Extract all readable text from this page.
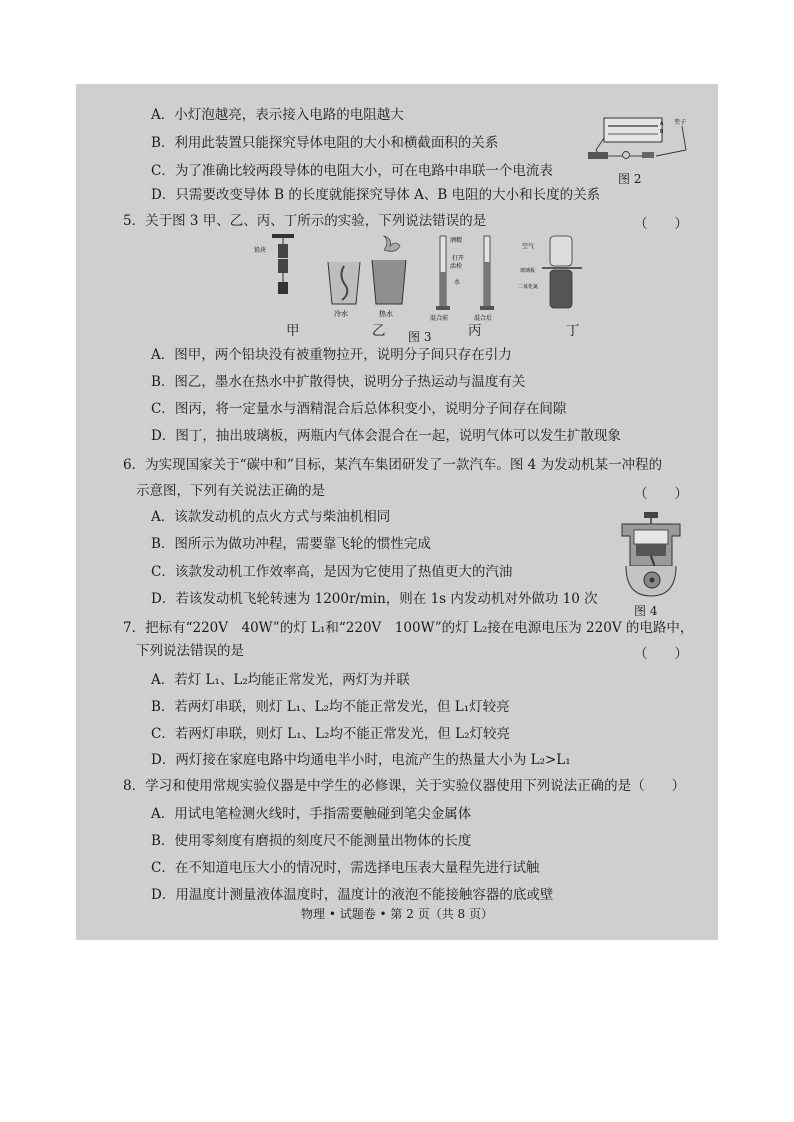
A．小灯泡越亮，表示接入电路的电阻越大
B．利用此装置只能探究导体电阻的大小和横截面积的关系
C．为了准确比较两段导体的电阻大小，可在电路中串联一个电流表
D．只需要改变导体 B 的长度就能探究导体 A、B 电阻的大小和长度的关系
A
B
夹子
图 2
5．关于图 3 甲、乙、丙、丁所示的实验，下列说法错误的是	（　　）
铅块
冷水	热水
酒精
打开
活栓
水
混合前	混合后
空气
玻璃板
二氧化氮
甲	乙 图 3	丙	丁
A．图甲，两个铅块没有被重物拉开，说明分子间只存在引力
B．图乙，墨水在热水中扩散得快，说明分子热运动与温度有关
C．图丙，将一定量水与酒精混合后总体积变小，说明分子间存在间隙
D．图丁，抽出玻璃板，两瓶内气体会混合在一起，说明气体可以发生扩散现象
6．为实现国家关于“碳中和”目标，某汽车集团研发了一款汽车。图 4 为发动机某一冲程的
示意图，下列有关说法正确的是	（　　）
A．该款发动机的点火方式与柴油机相同
B．图所示为做功冲程，需要靠飞轮的惯性完成
C．该款发动机工作效率高，是因为它使用了热值更大的汽油
D．若该发动机飞轮转速为 1200r/min，则在 1s 内发动机对外做功 10 次
图 4
7．把标有“220V　40W”的灯 L₁和“220V　100W”的灯 L₂接在电源电压为 220V 的电路中，
下列说法错误的是	（　　）
A．若灯 L₁、L₂均能正常发光，两灯为并联
B．若两灯串联，则灯 L₁、L₂均不能正常发光，但 L₁灯较亮
C．若两灯串联，则灯 L₁、L₂均不能正常发光，但 L₂灯较亮
D．两灯接在家庭电路中均通电半小时，电流产生的热量大小为 L₂>L₁
8．学习和使用常规实验仪器是中学生的必修课，关于实验仪器使用下列说法正确的是（　　）
A．用试电笔检测火线时，手指需要触碰到笔尖金属体
B．使用零刻度有磨损的刻度尺不能测量出物体的长度
C．在不知道电压大小的情况时，需选择电压表大量程先进行试触
D．用温度计测量液体温度时，温度计的液泡不能接触容器的底或壁
物理 • 试题卷 • 第 2 页（共 8 页）
